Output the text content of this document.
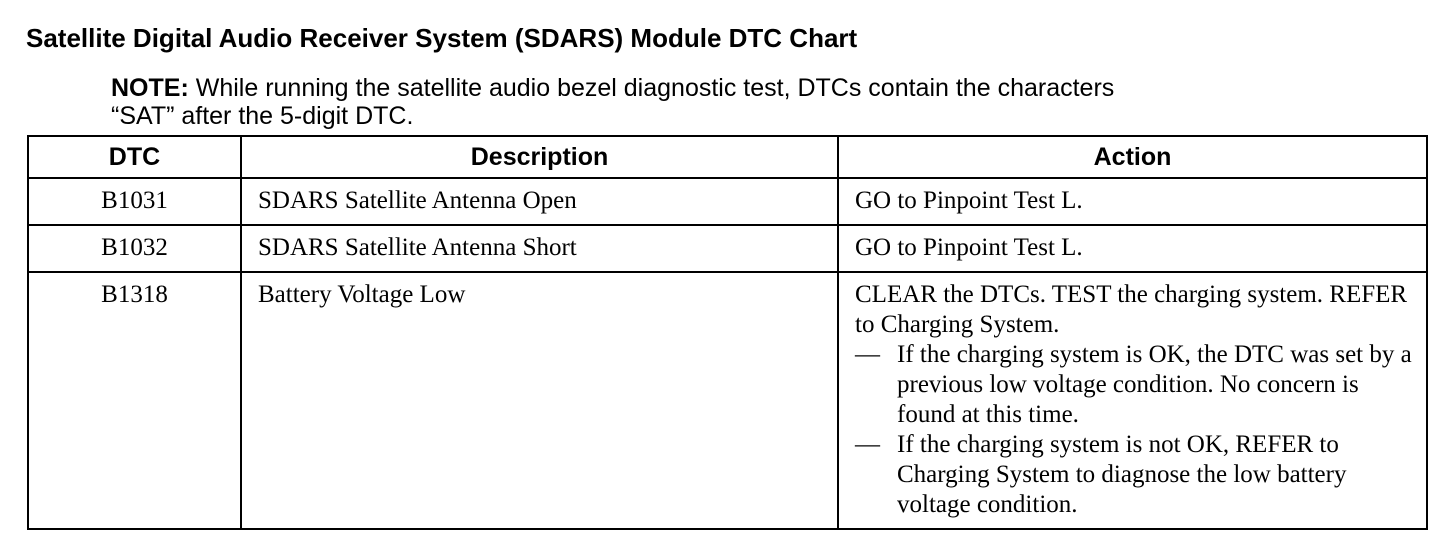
Satellite Digital Audio Receiver System (SDARS) Module DTC Chart
NOTE: While running the satellite audio bezel diagnostic test, DTCs contain the characters
“SAT” after the 5-digit DTC.
DTC	Description	Action
B1031	SDARS Satellite Antenna Open	GO to Pinpoint Test L.
B1032	SDARS Satellite Antenna Short	GO to Pinpoint Test L.
B1318	Battery Voltage Low	CLEAR the DTCs. TEST the charging system. REFER to Charging System.
— If the charging system is OK, the DTC was set by a previous low voltage condition. No concern is found at this time.
— If the charging system is not OK, REFER to Charging System to diagnose the low battery voltage condition.
